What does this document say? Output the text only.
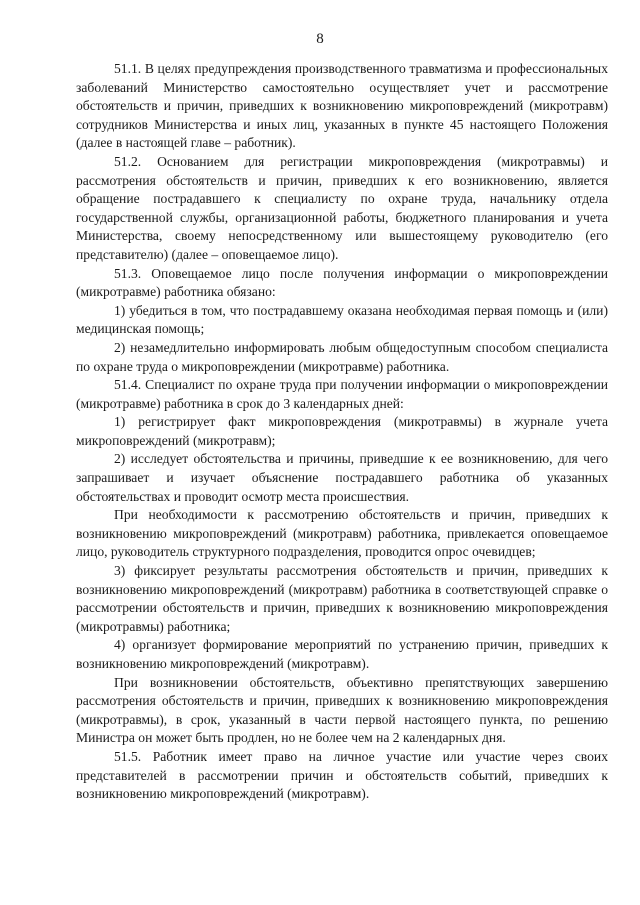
8

51.1. В целях предупреждения производственного травматизма и профессиональных заболеваний Министерство самостоятельно осуществляет учет и рассмотрение обстоятельств и причин, приведших к возникновению микроповреждений (микротравм) сотрудников Министерства и иных лиц, указанных в пункте 45 настоящего Положения (далее в настоящей главе – работник).

51.2. Основанием для регистрации микроповреждения (микротравмы) и рассмотрения обстоятельств и причин, приведших к его возникновению, является обращение пострадавшего к специалисту по охране труда, начальнику отдела государственной службы, организационной работы, бюджетного планирования и учета Министерства, своему непосредственному или вышестоящему руководителю (его представителю) (далее – оповещаемое лицо).

51.3. Оповещаемое лицо после получения информации о микроповреждении (микротравме) работника обязано:

1) убедиться в том, что пострадавшему оказана необходимая первая помощь и (или) медицинская помощь;

2) незамедлительно информировать любым общедоступным способом специалиста по охране труда о микроповреждении (микротравме) работника.

51.4. Специалист по охране труда при получении информации о микроповреждении (микротравме) работника в срок до 3 календарных дней:

1) регистрирует факт микроповреждения (микротравмы) в журнале учета микроповреждений (микротравм);

2) исследует обстоятельства и причины, приведшие к ее возникновению, для чего запрашивает и изучает объяснение пострадавшего работника об указанных обстоятельствах и проводит осмотр места происшествия.

При необходимости к рассмотрению обстоятельств и причин, приведших к возникновению микроповреждений (микротравм) работника, привлекается оповещаемое лицо, руководитель структурного подразделения, проводится опрос очевидцев;

3) фиксирует результаты рассмотрения обстоятельств и причин, приведших к возникновению микроповреждений (микротравм) работника в соответствующей справке о рассмотрении обстоятельств и причин, приведших к возникновению микроповреждения (микротравмы) работника;

4) организует формирование мероприятий по устранению причин, приведших к возникновению микроповреждений (микротравм).

При возникновении обстоятельств, объективно препятствующих завершению рассмотрения обстоятельств и причин, приведших к возникновению микроповреждения (микротравмы), в срок, указанный в части первой настоящего пункта, по решению Министра он может быть продлен, но не более чем на 2 календарных дня.

51.5. Работник имеет право на личное участие или участие через своих представителей в рассмотрении причин и обстоятельств событий, приведших к возникновению микроповреждений (микротравм).
